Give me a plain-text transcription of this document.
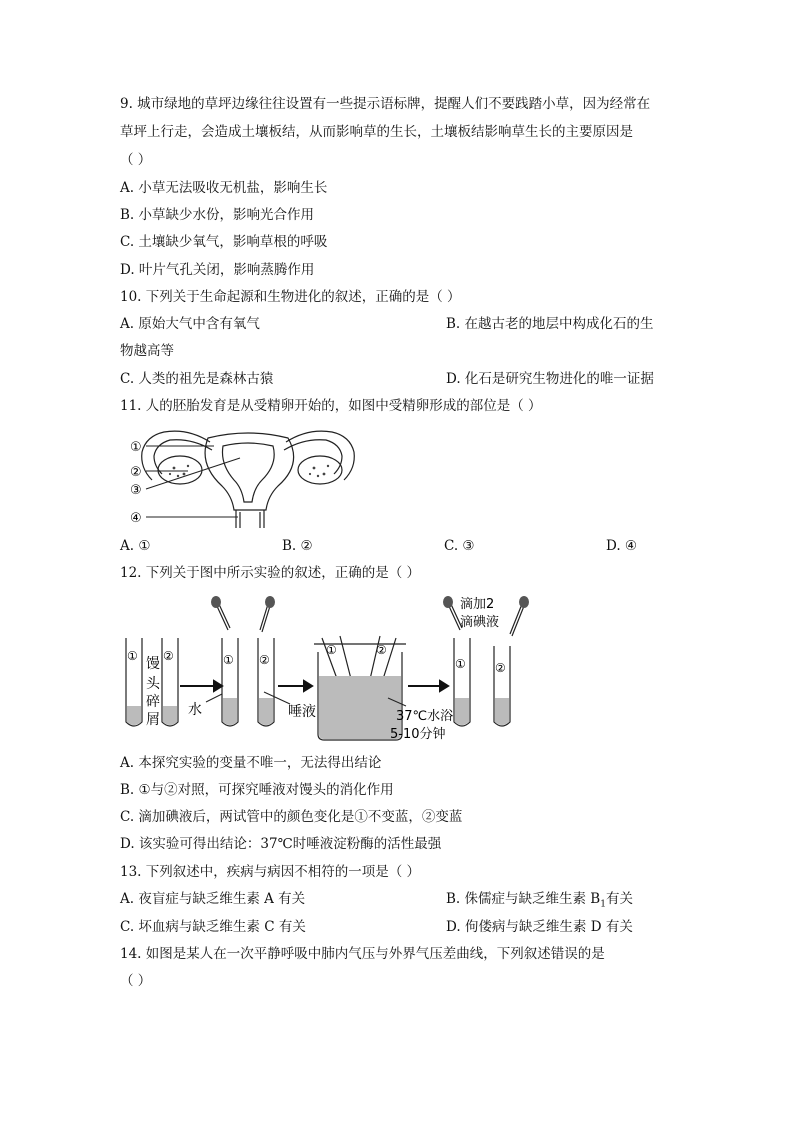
9. 城市绿地的草坪边缘往往设置有一些提示语标牌，提醒人们不要践踏小草，因为经常在
草坪上行走，会造成土壤板结，从而影响草的生长，土壤板结影响草生长的主要原因是
（ ）
A. 小草无法吸收无机盐，影响生长
B. 小草缺少水份，影响光合作用
C. 土壤缺少氧气，影响草根的呼吸
D. 叶片气孔关闭，影响蒸腾作用
10. 下列关于生命起源和生物进化的叙述，正确的是（ ）
A. 原始大气中含有氧气	B. 在越古老的地层中构成化石的生
物越高等
C. 人类的祖先是森林古猿	D. 化石是研究生物进化的唯一证据
11. 人的胚胎发育是从受精卵开始的，如图中受精卵形成的部位是（ ）
①
②
③
④
A. ①	B. ②	C. ③	D. ④
12. 下列关于图中所示实验的叙述，正确的是（ ）
① ②	① ②
①	②
① ②
馒
头
碎
屑
水	唾液	37℃水浴
5-10分钟
滴加2
滴碘液
A. 本探究实验的变量不唯一，无法得出结论
B. ①与②对照，可探究唾液对馒头的消化作用
C. 滴加碘液后，两试管中的颜色变化是①不变蓝，②变蓝
D. 该实验可得出结论：37℃时唾液淀粉酶的活性最强
13. 下列叙述中，疾病与病因不相符的一项是（ ）
A. 夜盲症与缺乏维生素 A 有关	B. 侏儒症与缺乏维生素 $B_1$有关
C. 坏血病与缺乏维生素 C 有关	D. 佝偻病与缺乏维生素 D 有关
14. 如图是某人在一次平静呼吸中肺内气压与外界气压差曲线，下列叙述错误的是
（ ）
